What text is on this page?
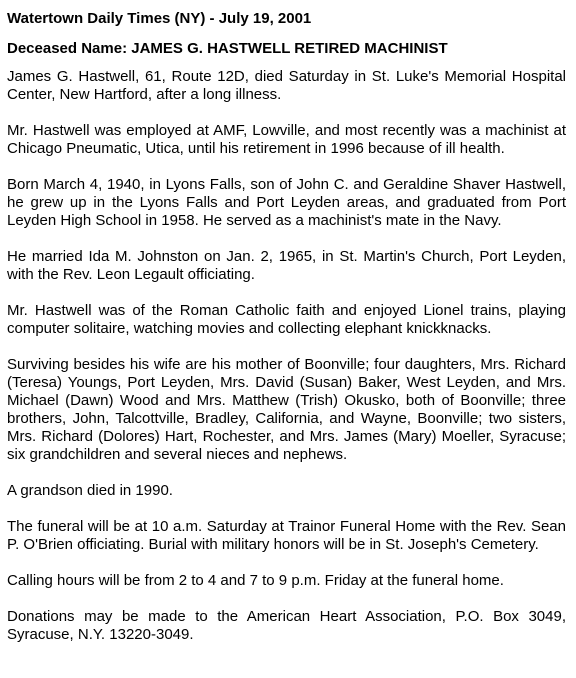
Watertown Daily Times (NY) - July 19, 2001
Deceased Name: JAMES G. HASTWELL RETIRED MACHINIST
James G. Hastwell, 61, Route 12D, died Saturday in St. Luke's Memorial Hospital Center, New Hartford, after a long illness.
Mr. Hastwell was employed at AMF, Lowville, and most recently was a machinist at Chicago Pneumatic, Utica, until his retirement in 1996 because of ill health.
Born March 4, 1940, in Lyons Falls, son of John C. and Geraldine Shaver Hastwell, he grew up in the Lyons Falls and Port Leyden areas, and graduated from Port Leyden High School in 1958. He served as a machinist's mate in the Navy.
He married Ida M. Johnston on Jan. 2, 1965, in St. Martin's Church, Port Leyden, with the Rev. Leon Legault officiating.
Mr. Hastwell was of the Roman Catholic faith and enjoyed Lionel trains, playing computer solitaire, watching movies and collecting elephant knickknacks.
Surviving besides his wife are his mother of Boonville; four daughters, Mrs. Richard (Teresa) Youngs, Port Leyden, Mrs. David (Susan) Baker, West Leyden, and Mrs. Michael (Dawn) Wood and Mrs. Matthew (Trish) Okusko, both of Boonville; three brothers, John, Talcottville, Bradley, California, and Wayne, Boonville; two sisters, Mrs. Richard (Dolores) Hart, Rochester, and Mrs. James (Mary) Moeller, Syracuse; six grandchildren and several nieces and nephews.
A grandson died in 1990.
The funeral will be at 10 a.m. Saturday at Trainor Funeral Home with the Rev. Sean P. O'Brien officiating. Burial with military honors will be in St. Joseph's Cemetery.
Calling hours will be from 2 to 4 and 7 to 9 p.m. Friday at the funeral home.
Donations may be made to the American Heart Association, P.O. Box 3049, Syracuse, N.Y. 13220-3049.
